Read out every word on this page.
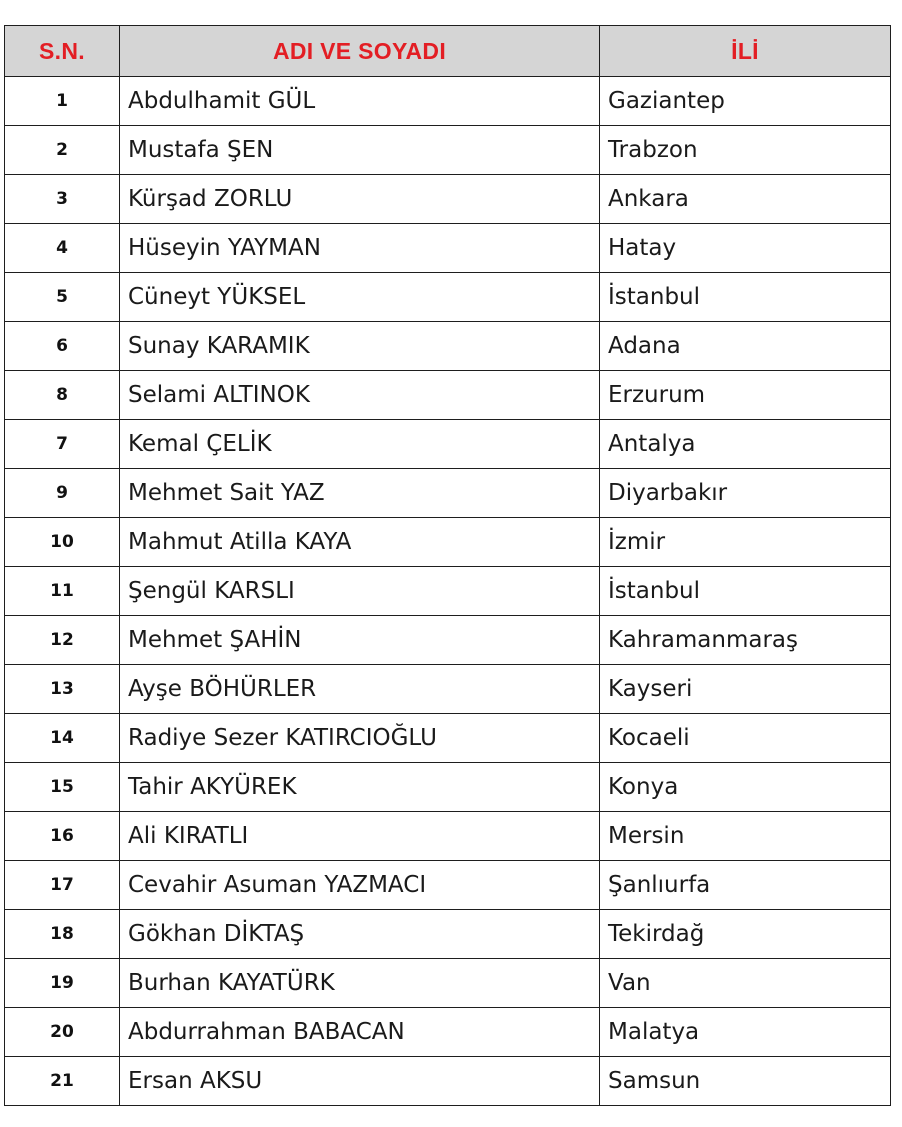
S.N.	ADI VE SOYADI	İLİ
1	Abdulhamit GÜL	Gaziantep
2	Mustafa ŞEN	Trabzon
3	Kürşad ZORLU	Ankara
4	Hüseyin YAYMAN	Hatay
5	Cüneyt YÜKSEL	İstanbul
6	Sunay KARAMIK	Adana
8	Selami ALTINOK	Erzurum
7	Kemal ÇELİK	Antalya
9	Mehmet Sait YAZ	Diyarbakır
10	Mahmut Atilla KAYA	İzmir
11	Şengül KARSLI	İstanbul
12	Mehmet ŞAHİN	Kahramanmaraş
13	Ayşe BÖHÜRLER	Kayseri
14	Radiye Sezer KATIRCIOĞLU	Kocaeli
15	Tahir AKYÜREK	Konya
16	Ali KIRATLI	Mersin
17	Cevahir Asuman YAZMACI	Şanlıurfa
18	Gökhan DİKTAŞ	Tekirdağ
19	Burhan KAYATÜRK	Van
20	Abdurrahman BABACAN	Malatya
21	Ersan AKSU	Samsun
